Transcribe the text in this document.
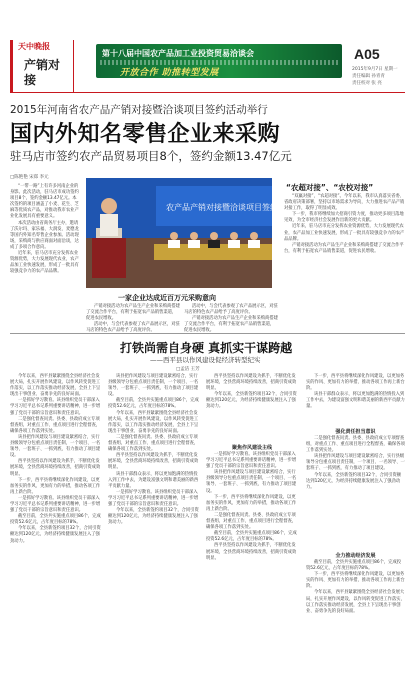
天中晚报
产销对接
第十八届中国农产品加工业投资贸易洽谈会
开放合作 助推转型发展
A05
2015年9月7日 星期一
责任编辑 孙青青
责任校对 张 亮
2015年河南省农产品产销对接暨洽谈项目签约活动举行
国内外知名零售企业来采购
驻马店市签约农产品贸易项目8个，签约金额13.47亿元
□陈艳艳 宋郑 李元

“一带一路”上有许多河南企业的身影。此次活动，驻马店市成功签约项目8个，签约金额13.47亿元。本次签约的项目涵盖了小麦、花生、芝麻等优质农产品，对推动我市农业产业化发展具有重要意义。

本次活动由省商务厅主办，邀请了沃尔玛、家乐福、大润发、麦德龙等国内外知名零售企业参加。活动现场，采购商与供应商面对面洽谈，达成了多项合作意向。

近年来，驻马店市充分发挥农业资源优势，大力发展现代农业，农产品加工业快速发展，形成了一批具有较强竞争力的农产品品牌。

农产品产销对接暨洽谈项目签约
一家企业达成近百万元采购意向

产销对接活动为农产品生产企业和采购商搭建了交流合作平台，有利于拓宽农产品销售渠道，促进农民增收。

活动中，与会代表参观了农产品展示区，对驻马店的特色农产品给予了高度评价。

活动中，与会代表参观了农产品展示区，对驻马店的特色农产品给予了高度评价。

产销对接活动为农产品生产企业和采购商搭建了交流合作平台，有利于拓宽农产品销售渠道，促进农民增收。

“农超对接”、“农校对接”

“双赢对接”，“农超对接”。今年以来，我市认真落实省委、省政府决策部署，坚持以市场需求为导向，大力推进农产品产销对接工作，取得了明显成效。

下一步，我市将继续加大招商引资力度，推动更多项目落地见效，为全市经济社会发展作出新的更大贡献。

近年来，驻马店市充分发挥农业资源优势，大力发展现代农业，农产品加工业快速发展，形成了一批具有较强竞争力的农产品品牌。

产销对接活动为农产品生产企业和采购商搭建了交流合作平台，有利于拓宽农产品销售渠道，促进农民增收。

打铁尚需自身硬 真抓实干谋跨越
——西平县以作风建设促经济转型纪实
□孟洁 王芳

今年以来，西平县紧紧围绕全县经济社会发展大局，扎实开展作风建设，以作风转变促进工作落实，以工作落实推动经济发展，全县上下呈现出干事创业、奋勇争先的良好局面。

一是抓好学习教育。该县组织党员干部深入学习习近平总书记系列重要讲话精神，进一步增强了党员干部的宗旨意识和责任意识。

二是强化督查问责。县委、县政府成立专项督查组，对重点工作、重点项目进行全程督查，确保各项工作落到实处。

该县把作风建设与项目建设紧密结合，实行县级领导分包重点项目责任制，一个项目、一名领导、一套班子、一抓到底，有力推动了项目建设。

西平县坚持以作风建设为抓手，不断优化发展环境，全县营商环境持续改善，招商引资成效明显。

下一步，西平县将继续深化作风建设，以更加务实的作风、更加有力的举措，推动各项工作再上新台阶。

一是抓好学习教育。该县组织党员干部深入学习习近平总书记系列重要讲话精神，进一步增强了党员干部的宗旨意识和责任意识。

截至目前，全县共实施重点项目86个，完成投资52.6亿元，占年度目标的78%。

今年以来，全县新签约项目32个，合同引资额达到120亿元，为经济持续健康发展注入了强劲动力。

该县把作风建设与项目建设紧密结合，实行县级领导分包重点项目责任制，一个项目、一名领导、一套班子、一抓到底，有力推动了项目建设。

截至目前，全县共实施重点项目86个，完成投资52.6亿元，占年度目标的78%。

今年以来，西平县紧紧围绕全县经济社会发展大局，扎实开展作风建设，以作风转变促进工作落实，以工作落实推动经济发展，全县上下呈现出干事创业、奋勇争先的良好局面。

二是强化督查问责。县委、县政府成立专项督查组，对重点工作、重点项目进行全程督查，确保各项工作落到实处。

西平县坚持以作风建设为抓手，不断优化发展环境，全县营商环境持续改善，招商引资成效明显。

该县干部群众表示，将以更加饱满的热情投入到工作中去，为建设富强文明和谐美丽的新西平贡献力量。

一是抓好学习教育。该县组织党员干部深入学习习近平总书记系列重要讲话精神，进一步增强了党员干部的宗旨意识和责任意识。

今年以来，全县新签约项目32个，合同引资额达到120亿元，为经济持续健康发展注入了强劲动力。

聚焦作风建设主线

西平县坚持以作风建设为抓手，不断优化发展环境，全县营商环境持续改善，招商引资成效明显。

今年以来，全县新签约项目32个，合同引资额达到120亿元，为经济持续健康发展注入了强劲动力。

一是抓好学习教育。该县组织党员干部深入学习习近平总书记系列重要讲话精神，进一步增强了党员干部的宗旨意识和责任意识。

该县把作风建设与项目建设紧密结合，实行县级领导分包重点项目责任制，一个项目、一名领导、一套班子、一抓到底，有力推动了项目建设。

下一步，西平县将继续深化作风建设，以更加务实的作风、更加有力的举措，推动各项工作再上新台阶。

二是强化督查问责。县委、县政府成立专项督查组，对重点工作、重点项目进行全程督查，确保各项工作落到实处。

截至目前，全县共实施重点项目86个，完成投资52.6亿元，占年度目标的78%。

西平县坚持以作风建设为抓手，不断优化发展环境，全县营商环境持续改善，招商引资成效明显。

强化责任担当意识
全力推动经济发展

下一步，西平县将继续深化作风建设，以更加务实的作风、更加有力的举措，推动各项工作再上新台阶。

该县干部群众表示，将以更加饱满的热情投入到工作中去，为建设富强文明和谐美丽的新西平贡献力量。

二是强化督查问责。县委、县政府成立专项督查组，对重点工作、重点项目进行全程督查，确保各项工作落到实处。

该县把作风建设与项目建设紧密结合，实行县级领导分包重点项目责任制，一个项目、一名领导、一套班子、一抓到底，有力推动了项目建设。

今年以来，全县新签约项目32个，合同引资额达到120亿元，为经济持续健康发展注入了强劲动力。

截至目前，全县共实施重点项目86个，完成投资52.6亿元，占年度目标的78%。

下一步，西平县将继续深化作风建设，以更加务实的作风、更加有力的举措，推动各项工作再上新台阶。

今年以来，西平县紧紧围绕全县经济社会发展大局，扎实开展作风建设，以作风转变促进工作落实，以工作落实推动经济发展，全县上下呈现出干事创业、奋勇争先的良好局面。
